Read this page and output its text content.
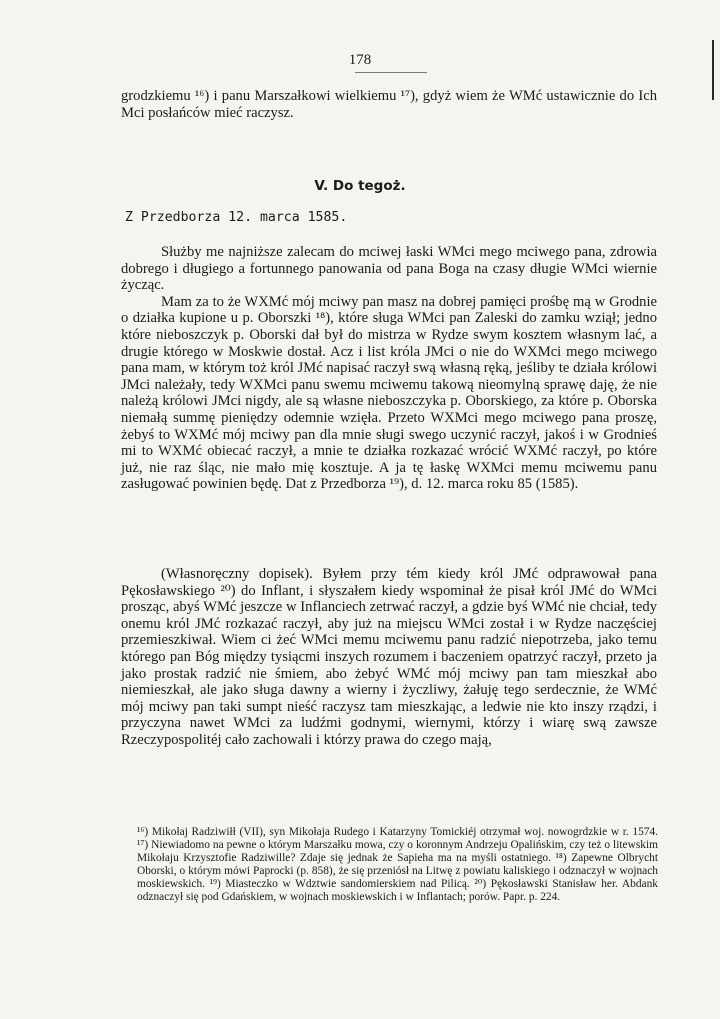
178

grodzkiemu ¹⁶) i panu Marszałkowi wielkiemu ¹⁷), gdyż wiem że WMć ustawicznie do Ich Mci posłańców mieć raczysz.

V. Do tegoż.
Z Przedborza 12. marca 1585.

Służby me najniższe zalecam do mciwej łaski WMci mego mciwego pana, zdrowia dobrego i długiego a fortunnego panowania od pana Boga na czasy długie WMci wiernie życząc.

Mam za to że WXMć mój mciwy pan masz na dobrej pamięci prośbę mą w Grodnie o działka kupione u p. Oborszki ¹⁸), które sługa WMci pan Zaleski do zamku wziął; jedno które nieboszczyk p. Oborski dał był do mistrza w Rydze swym kosztem własnym lać, a drugie którego w Moskwie dostał. Acz i list króla JMci o nie do WXMci mego mciwego pana mam, w którym toż król JMć napisać raczył swą własną ręką, jeśliby te działa królowi JMci należały, tedy WXMci panu swemu mciwemu takową nieomylną sprawę daję, że nie należą królowi JMci nigdy, ale są własne nieboszczyka p. Oborskiego, za które p. Oborska niemałą summę pieniędzy odemnie wzięła. Przeto WXMci mego mciwego pana proszę, żebyś to WXMć mój mciwy pan dla mnie sługi swego uczynić raczył, jakoś i w Grodnieś mi to WXMć obiecać raczył, a mnie te działka rozkazać wrócić WXMć raczył, po które już, nie raz śląc, nie mało mię kosztuje. A ja tę łaskę WXMci memu mciwemu panu zasługować powinien będę. Dat z Przedborza ¹⁹), d. 12. marca roku 85 (1585).

(Własnoręczny dopisek). Byłem przy tém kiedy król JMć odprawował pana Pękosławskiego ²⁰) do Inflant, i słyszałem kiedy wspominał że pisał król JMć do WMci prosząc, abyś WMć jeszcze w Inflanciech zetrwać raczył, a gdzie byś WMć nie chciał, tedy onemu król JMć rozkazać raczył, aby już na miejscu WMci został i w Rydze naczęściej przemieszkiwał. Wiem ci żeć WMci memu mciwemu panu radzić niepotrzeba, jako temu którego pan Bóg między tysiącmi inszych rozumem i baczeniem opatrzyć raczył, przeto ja jako prostak radzić nie śmiem, abo żebyć WMć mój mciwy pan tam mieszkał abo niemieszkał, ale jako sługa dawny a wierny i życzliwy, żałuję tego serdecznie, że WMć mój mciwy pan taki sumpt nieść raczysz tam mieszkając, a ledwie nie kto inszy rządzi, i przyczyna nawet WMci za ludźmi godnymi, wiernymi, którzy i wiarę swą zawsze Rzeczypospolitéj cało zachowali i którzy prawa do czego mają,

¹⁶) Mikołaj Radziwiłł (VII), syn Mikołaja Rudego i Katarzyny Tomickiéj otrzymał woj. nowogrdzkie w r. 1574. ¹⁷) Niewiadomo na pewne o którym Marszałku mowa, czy o koronnym Andrzeju Opalińskim, czy też o litewskim Mikołaju Krzysztofie Radziwille? Zdaje się jednak że Sapieha ma na myśli ostatniego. ¹⁸) Zapewne Olbrycht Oborski, o którym mówi Paprocki (p. 858), że się przeniósł na Litwę z powiatu kaliskiego i odznaczył w wojnach moskiewskich. ¹⁹) Miasteczko w Wdztwie sandomierskiem nad Pilicą. ²⁰) Pękosławski Stanisław her. Abdank odznaczył się pod Gdańskiem, w wojnach moskiewskich i w Inflantach; porów. Papr. p. 224.
